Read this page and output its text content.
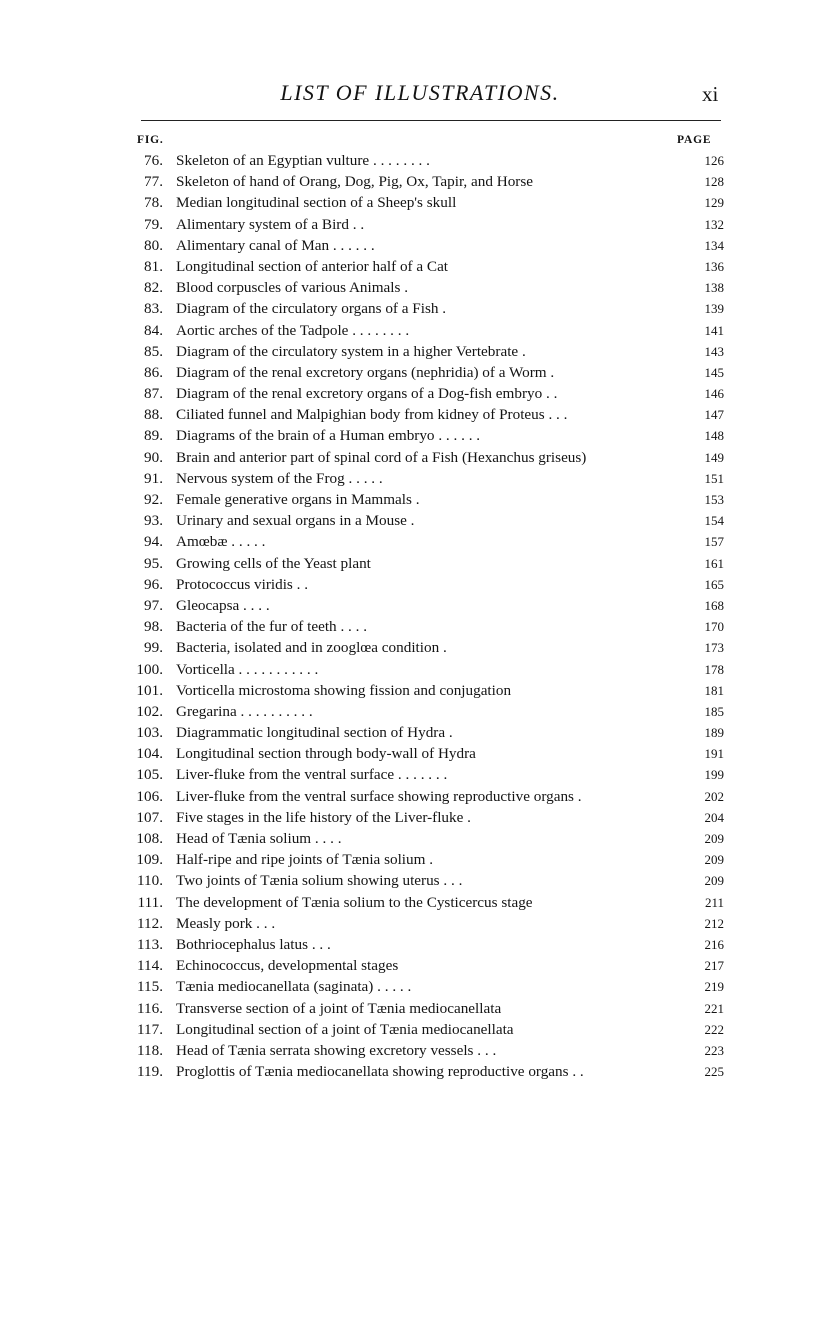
LIST OF ILLUSTRATIONS.	xi
FIG.	PAGE
76. Skeleton of an Egyptian vulture . . . . . . . .	126
77. Skeleton of hand of Orang, Dog, Pig, Ox, Tapir, and Horse	128
78. Median longitudinal section of a Sheep's skull	129
79. Alimentary system of a Bird . .	132
80. Alimentary canal of Man . . . . . .	134
81. Longitudinal section of anterior half of a Cat	136
82. Blood corpuscles of various Animals .	138
83. Diagram of the circulatory organs of a Fish .	139
84. Aortic arches of the Tadpole . . . . . . . .	141
85. Diagram of the circulatory system in a higher Vertebrate .	143
86. Diagram of the renal excretory organs (nephridia) of a Worm .	145
87. Diagram of the renal excretory organs of a Dog-fish embryo . .	146
88. Ciliated funnel and Malpighian body from kidney of Proteus . . .	147
89. Diagrams of the brain of a Human embryo . . . . . .	148
90. Brain and anterior part of spinal cord of a Fish (Hexanchus griseus)	149
91. Nervous system of the Frog . . . . .	151
92. Female generative organs in Mammals .	153
93. Urinary and sexual organs in a Mouse .	154
94. Amœbæ . . . . .	157
95. Growing cells of the Yeast plant	161
96. Protococcus viridis . .	165
97. Gleocapsa . . . .	168
98. Bacteria of the fur of teeth . . . .	170
99. Bacteria, isolated and in zooglœa condition .	173
100. Vorticella . . . . . . . . . . .	178
101. Vorticella microstoma showing fission and conjugation	181
102. Gregarina . . . . . . . . . .	185
103. Diagrammatic longitudinal section of Hydra .	189
104. Longitudinal section through body-wall of Hydra	191
105. Liver-fluke from the ventral surface . . . . . . .	199
106. Liver-fluke from the ventral surface showing reproductive organs .	202
107. Five stages in the life history of the Liver-fluke .	204
108. Head of Tænia solium . . . .	209
109. Half-ripe and ripe joints of Tænia solium .	209
110. Two joints of Tænia solium showing uterus . . .	209
111. The development of Tænia solium to the Cysticercus stage	211
112. Measly pork . . .	212
113. Bothriocephalus latus . . .	216
114. Echinococcus, developmental stages	217
115. Tænia mediocanellata (saginata) . . . . .	219
116. Transverse section of a joint of Tænia mediocanellata	221
117. Longitudinal section of a joint of Tænia mediocanellata	222
118. Head of Tænia serrata showing excretory vessels . . .	223
119. Proglottis of Tænia mediocanellata showing reproductive organs . .	225
